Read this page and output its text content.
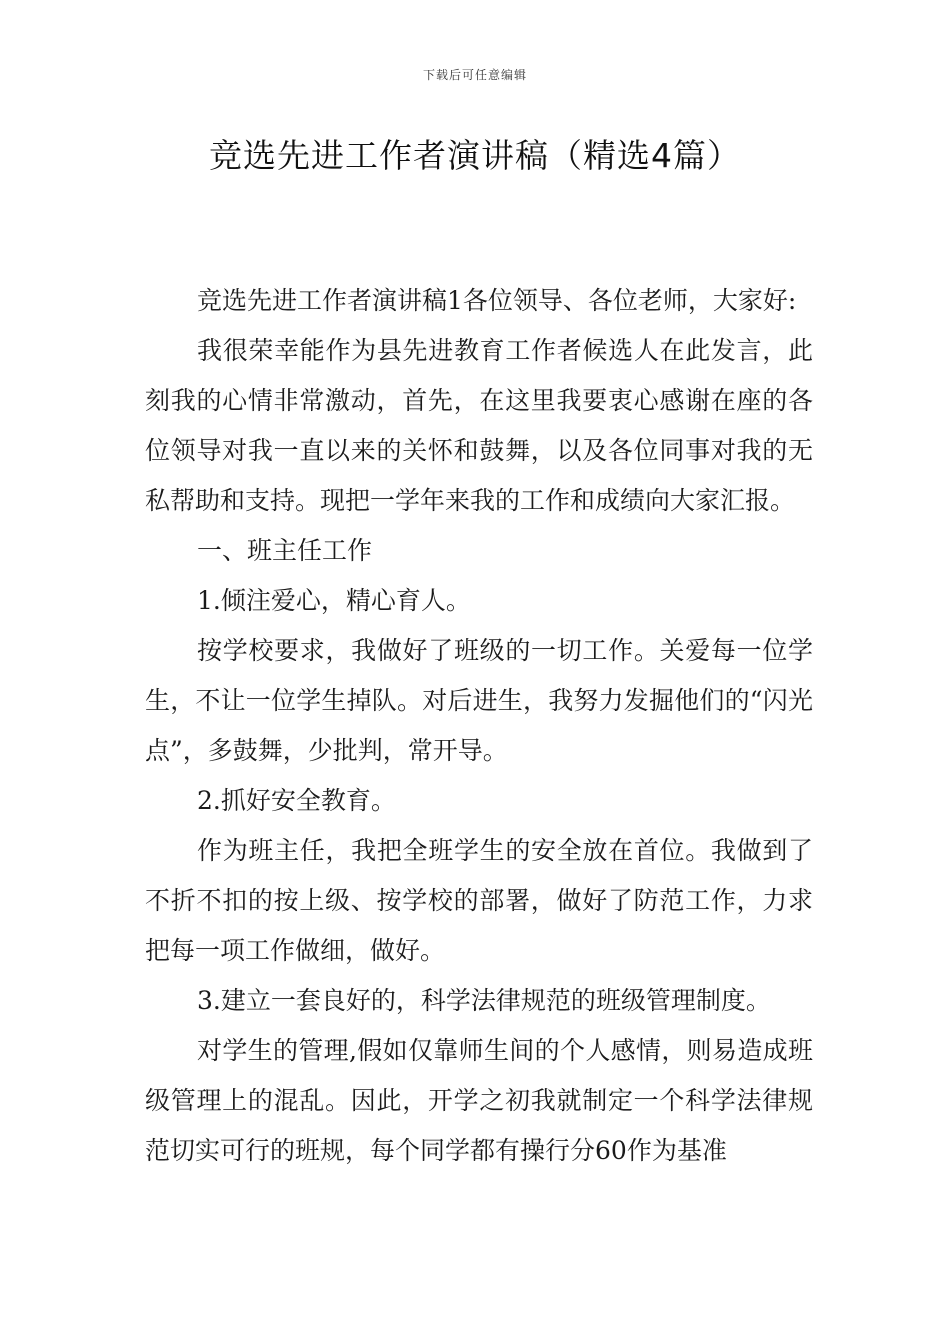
下载后可任意编辑
竞选先进工作者演讲稿（精选4篇）

竞选先进工作者演讲稿1各位领导、各位老师，大家好:

我很荣幸能作为县先进教育工作者候选人在此发言，此刻我的心情非常激动，首先，在这里我要衷心感谢在座的各位领导对我一直以来的关怀和鼓舞，以及各位同事对我的无私帮助和支持。现把一学年来我的工作和成绩向大家汇报。

一、班主任工作

1.倾注爱心，精心育人。

按学校要求，我做好了班级的一切工作。关爱每一位学生，不让一位学生掉队。对后进生，我努力发掘他们的“闪光点”，多鼓舞，少批判，常开导。

2.抓好安全教育。

作为班主任，我把全班学生的安全放在首位。我做到了不折不扣的按上级、按学校的部署，做好了防范工作，力求把每一项工作做细，做好。

3.建立一套良好的，科学法律规范的班级管理制度。

对学生的管理,假如仅靠师生间的个人感情，则易造成班级管理上的混乱。因此，开学之初我就制定一个科学法律规范切实可行的班规，每个同学都有操行分60作为基准
